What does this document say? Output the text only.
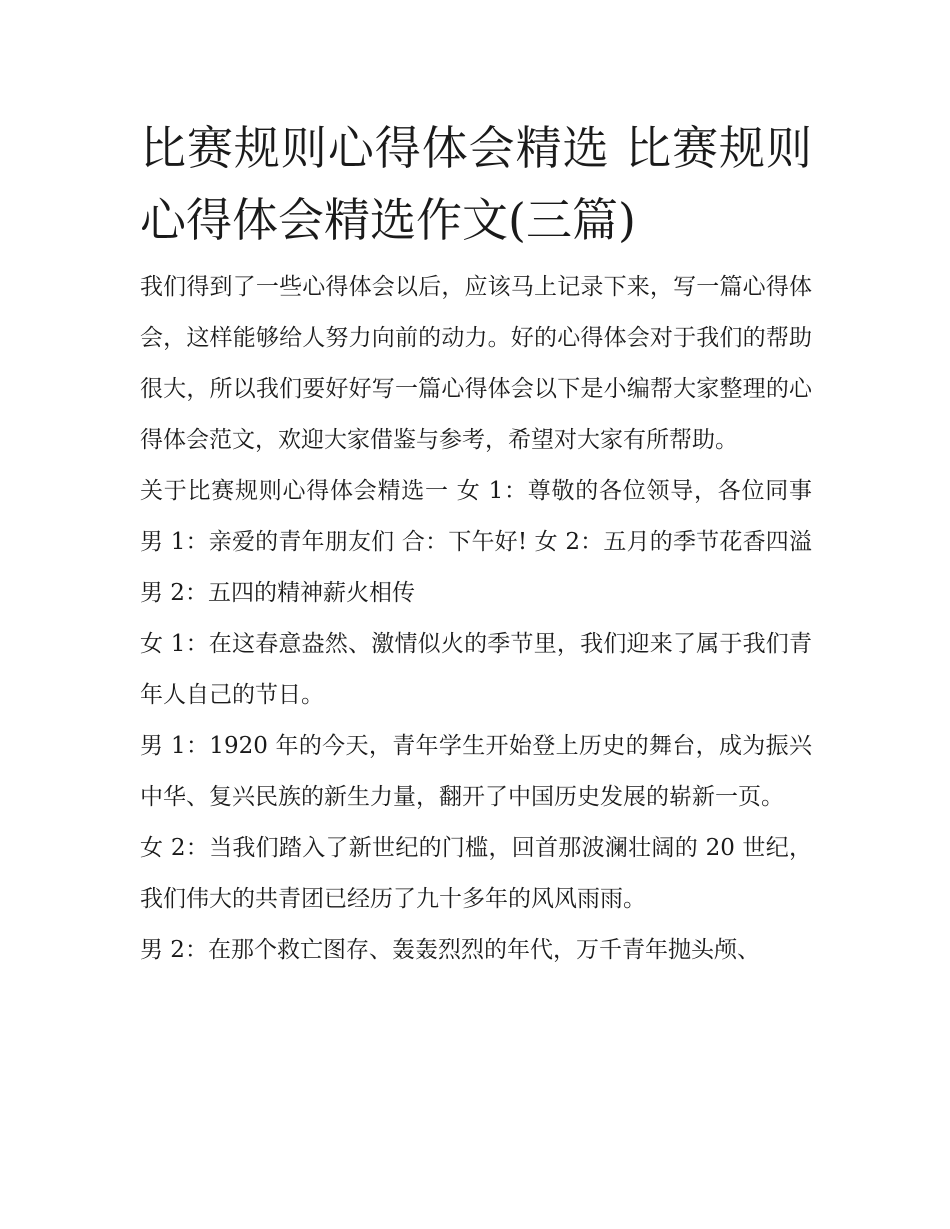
比赛规则心得体会精选 比赛规则心得体会精选作文(三篇)

我们得到了一些心得体会以后，应该马上记录下来，写一篇心得体会，这样能够给人努力向前的动力。好的心得体会对于我们的帮助很大，所以我们要好好写一篇心得体会以下是小编帮大家整理的心得体会范文，欢迎大家借鉴与参考，希望对大家有所帮助。

关于比赛规则心得体会精选一 女 1：尊敬的各位领导，各位同事 男 1：亲爱的青年朋友们 合：下午好! 女 2：五月的季节花香四溢 男 2：五四的精神薪火相传

女 1：在这春意盎然、激情似火的季节里，我们迎来了属于我们青年人自己的节日。

男 1：1920 年的今天，青年学生开始登上历史的舞台，成为振兴中华、复兴民族的新生力量，翻开了中国历史发展的崭新一页。

女 2：当我们踏入了新世纪的门槛，回首那波澜壮阔的 20 世纪，我们伟大的共青团已经历了九十多年的风风雨雨。

男 2：在那个救亡图存、轰轰烈烈的年代，万千青年抛头颅、
